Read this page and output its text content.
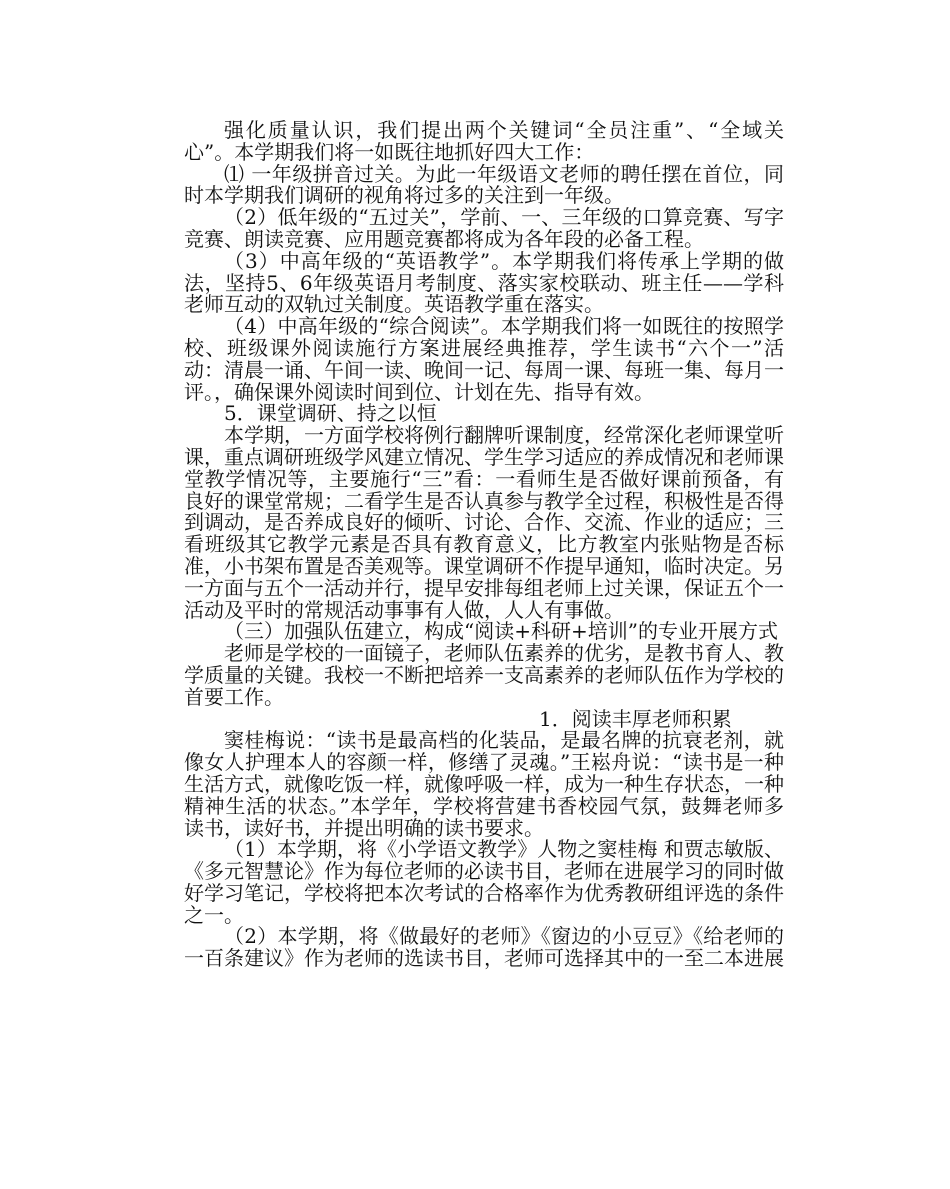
强化质量认识，我们提出两个关键词“全员注重”、“全域关心”。本学期我们将一如既往地抓好四大工作：

⑴ 一年级拼音过关。为此一年级语文老师的聘任摆在首位，同时本学期我们调研的视角将过多的关注到一年级。

（2）低年级的“五过关”，学前、一、三年级的口算竞赛、写字竞赛、朗读竞赛、应用题竞赛都将成为各年段的必备工程。

（3）中高年级的“英语教学”。本学期我们将传承上学期的做法，坚持5、6年级英语月考制度、落实家校联动、班主任——学科老师互动的双轨过关制度。英语教学重在落实。

（4）中高年级的“综合阅读”。本学期我们将一如既往的按照学校、班级课外阅读施行方案进展经典推荐，学生读书“六个一”活动：清晨一诵、午间一读、晚间一记、每周一课、每班一集、每月一评。，确保课外阅读时间到位、计划在先、指导有效。

5．课堂调研、持之以恒

本学期，一方面学校将例行翻牌听课制度，经常深化老师课堂听课，重点调研班级学风建立情况、学生学习适应的养成情况和老师课堂教学情况等，主要施行“三”看：一看师生是否做好课前预备，有良好的课堂常规；二看学生是否认真参与教学全过程，积极性是否得到调动，是否养成良好的倾听、讨论、合作、交流、作业的适应；三看班级其它教学元素是否具有教育意义，比方教室内张贴物是否标准，小书架布置是否美观等。课堂调研不作提早通知，临时决定。另一方面与五个一活动并行，提早安排每组老师上过关课，保证五个一活动及平时的常规活动事事有人做，人人有事做。

（三）加强队伍建立，构成“阅读+科研+培训”的专业开展方式

老师是学校的一面镜子，老师队伍素养的优劣，是教书育人、教学质量的关键。我校一不断把培养一支高素养的老师队伍作为学校的首要工作。

1．阅读丰厚老师积累

窦桂梅说：“读书是最高档的化装品，是最名牌的抗衰老剂，就像女人护理本人的容颜一样，修缮了灵魂。”王崧舟说：“读书是一种生活方式，就像吃饭一样，就像呼吸一样，成为一种生存状态，一种精神生活的状态。”本学年，学校将营建书香校园气氛，鼓舞老师多读书，读好书，并提出明确的读书要求。

（1）本学期，将《小学语文教学》人物之窦桂梅 和贾志敏版、《多元智慧论》作为每位老师的必读书目，老师在进展学习的同时做好学习笔记，学校将把本次考试的合格率作为优秀教研组评选的条件之一。

（2）本学期，将《做最好的老师》《窗边的小豆豆》《给老师的一百条建议》作为老师的选读书目，老师可选择其中的一至二本进展
